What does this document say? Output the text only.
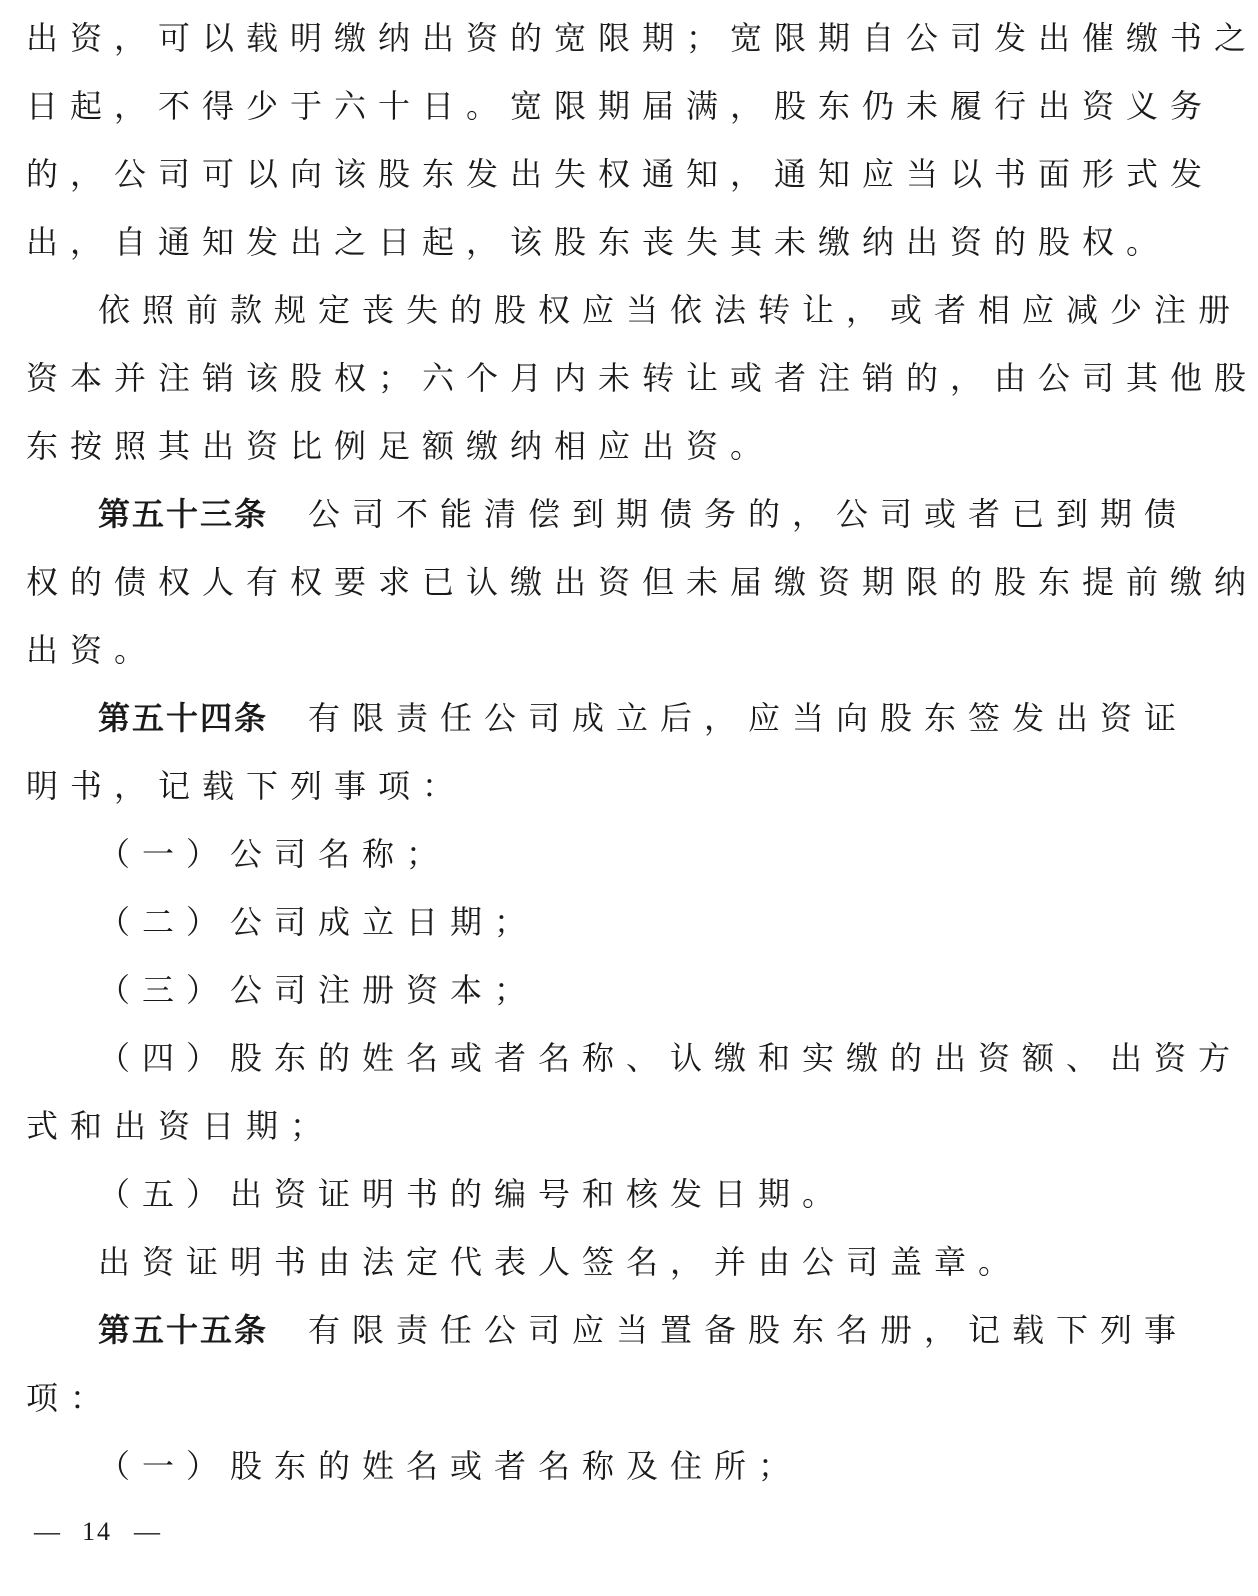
出资，可以载明缴纳出资的宽限期；宽限期自公司发出催缴书之
日起，不得少于六十日。宽限期届满，股东仍未履行出资义务
的，公司可以向该股东发出失权通知，通知应当以书面形式发
出，自通知发出之日起，该股东丧失其未缴纳出资的股权。
依照前款规定丧失的股权应当依法转让，或者相应减少注册
资本并注销该股权；六个月内未转让或者注销的，由公司其他股
东按照其出资比例足额缴纳相应出资。
第五十三条 公司不能清偿到期债务的，公司或者已到期债
权的债权人有权要求已认缴出资但未届缴资期限的股东提前缴纳
出资。
第五十四条 有限责任公司成立后，应当向股东签发出资证
明书，记载下列事项：
（一）公司名称；
（二）公司成立日期；
（三）公司注册资本；
（四）股东的姓名或者名称、认缴和实缴的出资额、出资方
式和出资日期；
（五）出资证明书的编号和核发日期。
出资证明书由法定代表人签名，并由公司盖章。
第五十五条 有限责任公司应当置备股东名册，记载下列事
项：
（一）股东的姓名或者名称及住所；
— 14 —
